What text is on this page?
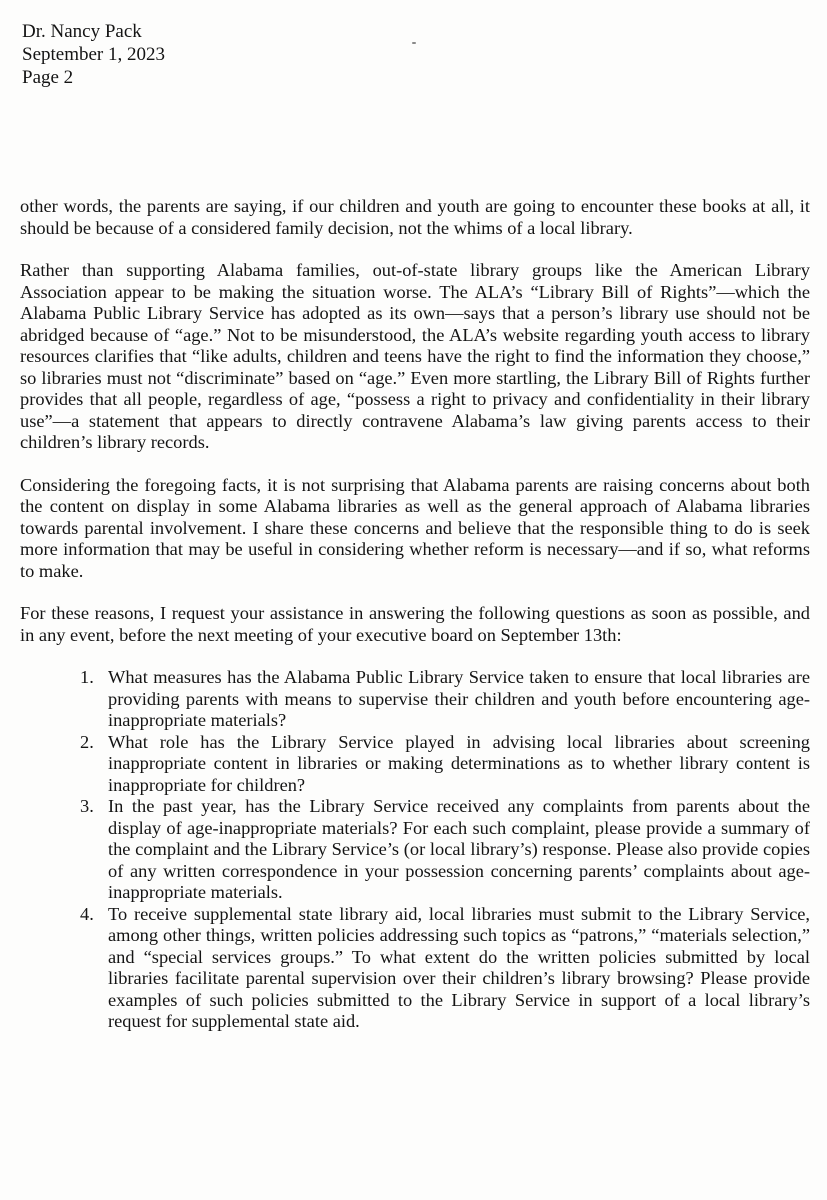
Dr. Nancy Pack
September 1, 2023
Page 2

other words, the parents are saying, if our children and youth are going to encounter these books at all, it should be because of a considered family decision, not the whims of a local library.

Rather than supporting Alabama families, out-of-state library groups like the American Library Association appear to be making the situation worse. The ALA’s “Library Bill of Rights”—which the Alabama Public Library Service has adopted as its own—says that a person’s library use should not be abridged because of “age.” Not to be misunderstood, the ALA’s website regarding youth access to library resources clarifies that “like adults, children and teens have the right to find the information they choose,” so libraries must not “discriminate” based on “age.” Even more startling, the Library Bill of Rights further provides that all people, regardless of age, “possess a right to privacy and confidentiality in their library use”—a statement that appears to directly contravene Alabama’s law giving parents access to their children’s library records.

Considering the foregoing facts, it is not surprising that Alabama parents are raising concerns about both the content on display in some Alabama libraries as well as the general approach of Alabama libraries towards parental involvement. I share these concerns and believe that the responsible thing to do is seek more information that may be useful in considering whether reform is necessary—and if so, what reforms to make.

For these reasons, I request your assistance in answering the following questions as soon as possible, and in any event, before the next meeting of your executive board on September 13th:

1. What measures has the Alabama Public Library Service taken to ensure that local libraries are providing parents with means to supervise their children and youth before encountering age-inappropriate materials?
2. What role has the Library Service played in advising local libraries about screening inappropriate content in libraries or making determinations as to whether library content is inappropriate for children?
3. In the past year, has the Library Service received any complaints from parents about the display of age-inappropriate materials? For each such complaint, please provide a summary of the complaint and the Library Service’s (or local library’s) response. Please also provide copies of any written correspondence in your possession concerning parents’ complaints about age-inappropriate materials.
4. To receive supplemental state library aid, local libraries must submit to the Library Service, among other things, written policies addressing such topics as “patrons,” “materials selection,” and “special services groups.” To what extent do the written policies submitted by local libraries facilitate parental supervision over their children’s library browsing? Please provide examples of such policies submitted to the Library Service in support of a local library’s request for supplemental state aid.
